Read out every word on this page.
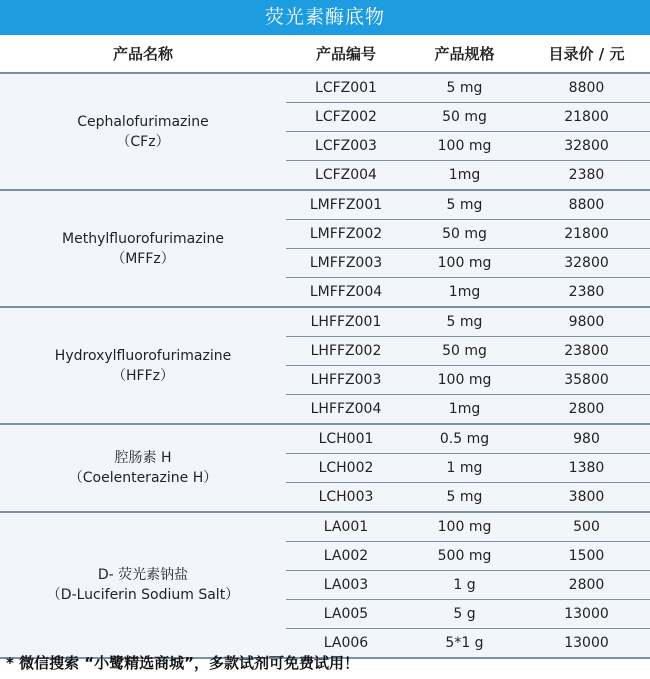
荧光素酶底物
产品名称	产品编号	产品规格	目录价 / 元
Cephalofurimazine
（CFz）
LCFZ001	5 mg	8800
LCFZ002	50 mg	21800
LCFZ003	100 mg	32800
LCFZ004	1mg	2380
Methylfluorofurimazine
（MFFz）
LMFFZ001	5 mg	8800
LMFFZ002	50 mg	21800
LMFFZ003	100 mg	32800
LMFFZ004	1mg	2380
Hydroxylfluorofurimazine
（HFFz）
LHFFZ001	5 mg	9800
LHFFZ002	50 mg	23800
LHFFZ003	100 mg	35800
LHFFZ004	1mg	2800
腔肠素 H
（Coelenterazine H）
LCH001	0.5 mg	980
LCH002	1 mg	1380
LCH003	5 mg	3800
D- 荧光素钠盐
（D-Luciferin Sodium Salt）
LA001	100 mg	500
LA002	500 mg	1500
LA003	1 g	2800
LA005	5 g	13000
LA006	5*1 g	13000
* 微信搜索 “小鹭精选商城”，多款试剂可免费试用！
